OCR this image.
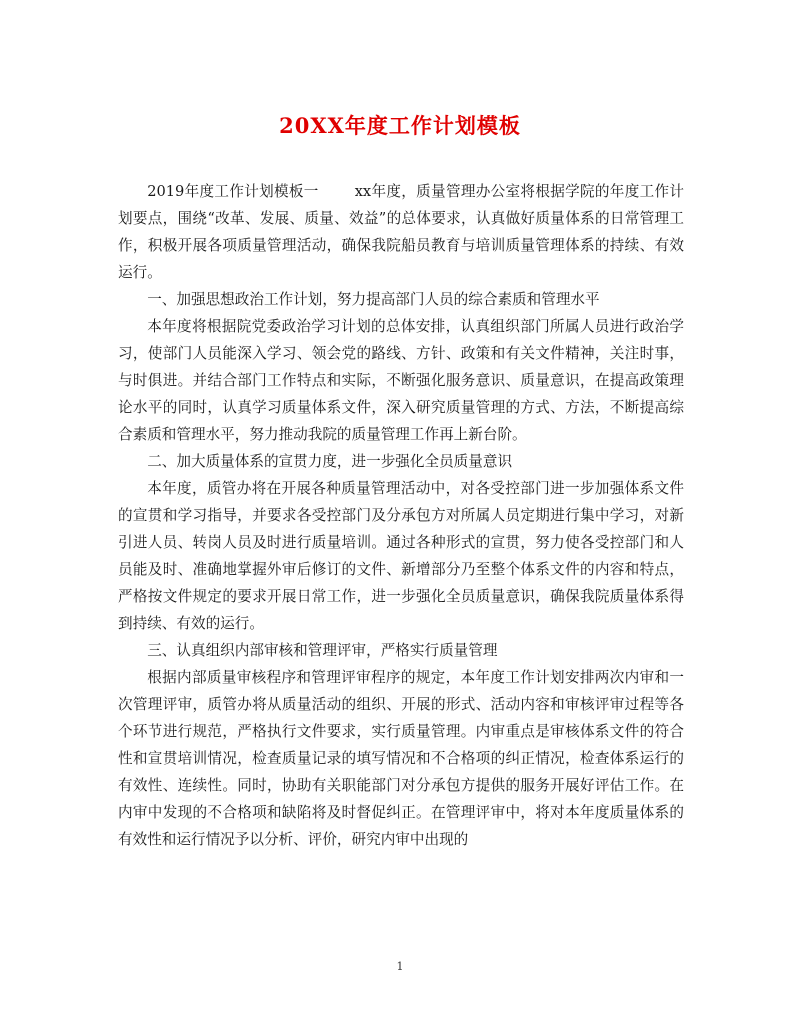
20XX年度工作计划模板

2019年度工作计划模板一 xx年度，质量管理办公室将根据学院的年度工作计划要点，围绕“改革、发展、质量、效益”的总体要求，认真做好质量体系的日常管理工作，积极开展各项质量管理活动，确保我院船员教育与培训质量管理体系的持续、有效运行。

一、加强思想政治工作计划，努力提高部门人员的综合素质和管理水平

本年度将根据院党委政治学习计划的总体安排，认真组织部门所属人员进行政治学习，使部门人员能深入学习、领会党的路线、方针、政策和有关文件精神，关注时事，与时俱进。并结合部门工作特点和实际，不断强化服务意识、质量意识，在提高政策理论水平的同时，认真学习质量体系文件，深入研究质量管理的方式、方法，不断提高综合素质和管理水平，努力推动我院的质量管理工作再上新台阶。

二、加大质量体系的宣贯力度，进一步强化全员质量意识

本年度，质管办将在开展各种质量管理活动中，对各受控部门进一步加强体系文件的宣贯和学习指导，并要求各受控部门及分承包方对所属人员定期进行集中学习，对新引进人员、转岗人员及时进行质量培训。通过各种形式的宣贯，努力使各受控部门和人员能及时、准确地掌握外审后修订的文件、新增部分乃至整个体系文件的内容和特点，严格按文件规定的要求开展日常工作，进一步强化全员质量意识，确保我院质量体系得到持续、有效的运行。

三、认真组织内部审核和管理评审，严格实行质量管理

根据内部质量审核程序和管理评审程序的规定，本年度工作计划安排两次内审和一次管理评审，质管办将从质量活动的组织、开展的形式、活动内容和审核评审过程等各个环节进行规范，严格执行文件要求，实行质量管理。内审重点是审核体系文件的符合性和宣贯培训情况，检查质量记录的填写情况和不合格项的纠正情况，检查体系运行的有效性、连续性。同时，协助有关职能部门对分承包方提供的服务开展好评估工作。在内审中发现的不合格项和缺陷将及时督促纠正。在管理评审中，将对本年度质量体系的有效性和运行情况予以分析、评价，研究内审中出现的

1
